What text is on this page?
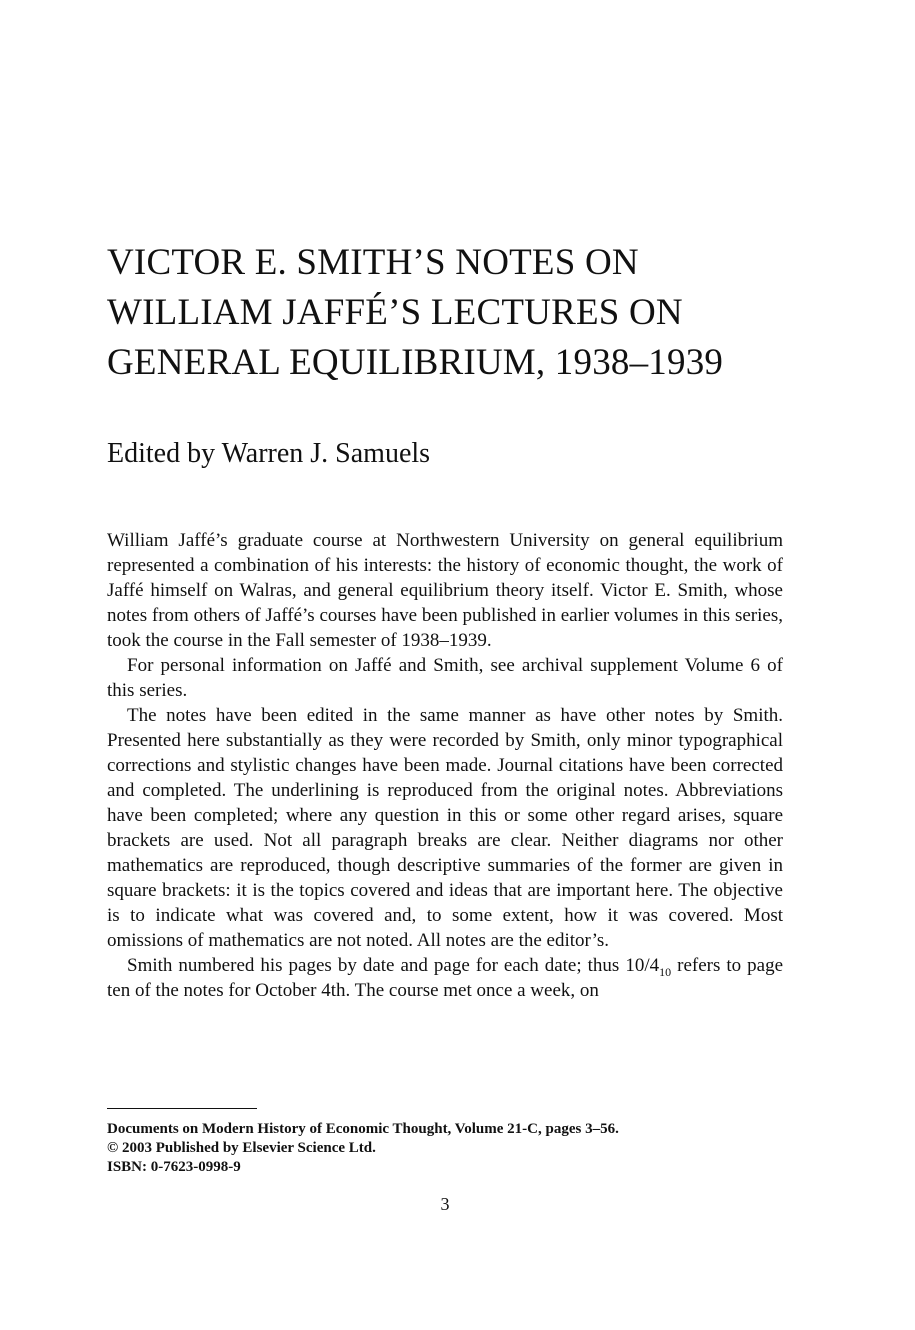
VICTOR E. SMITH’S NOTES ON
WILLIAM JAFFÉ’S LECTURES ON
GENERAL EQUILIBRIUM, 1938–1939

Edited by Warren J. Samuels

William Jaffé’s graduate course at Northwestern University on general equilibrium represented a combination of his interests: the history of economic thought, the work of Jaffé himself on Walras, and general equilibrium theory itself. Victor E. Smith, whose notes from others of Jaffé’s courses have been published in earlier volumes in this series, took the course in the Fall semester of 1938–1939.

For personal information on Jaffé and Smith, see archival supplement Volume 6 of this series.

The notes have been edited in the same manner as have other notes by Smith. Presented here substantially as they were recorded by Smith, only minor typographical corrections and stylistic changes have been made. Journal citations have been corrected and completed. The underlining is reproduced from the original notes. Abbreviations have been completed; where any question in this or some other regard arises, square brackets are used. Not all paragraph breaks are clear. Neither diagrams nor other mathematics are reproduced, though descriptive summaries of the former are given in square brackets: it is the topics covered and ideas that are important here. The objective is to indicate what was covered and, to some extent, how it was covered. Most omissions of mathematics are not noted. All notes are the editor’s.

Smith numbered his pages by date and page for each date; thus $10/4_{10}$ refers to page ten of the notes for October 4th. The course met once a week, on

Documents on Modern History of Economic Thought, Volume 21-C, pages 3–56.
© 2003 Published by Elsevier Science Ltd.
ISBN: 0-7623-0998-9
3
